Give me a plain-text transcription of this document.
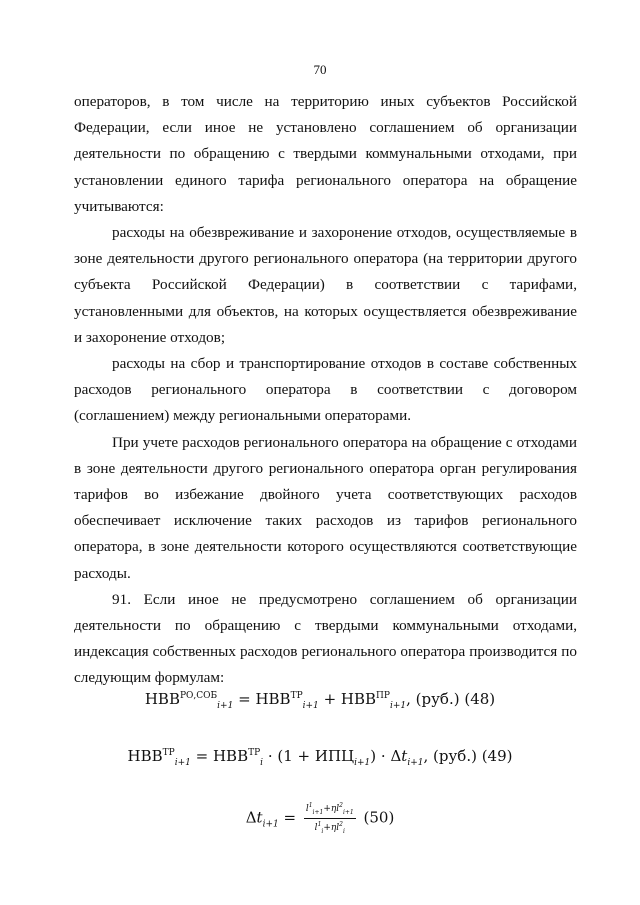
70

операторов, в том числе на территорию иных субъектов Российской Федерации, если иное не установлено соглашением об организации деятельности по обращению с твердыми коммунальными отходами, при установлении единого тарифа регионального оператора на обращение учитываются:

расходы на обезвреживание и захоронение отходов, осуществляемые в зоне деятельности другого регионального оператора (на территории другого субъекта Российской Федерации) в соответствии с тарифами, установленными для объектов, на которых осуществляется обезвреживание и захоронение отходов;

расходы на сбор и транспортирование отходов в составе собственных расходов регионального оператора в соответствии с договором (соглашением) между региональными операторами.

При учете расходов регионального оператора на обращение с отходами в зоне деятельности другого регионального оператора орган регулирования тарифов во избежание двойного учета соответствующих расходов обеспечивает исключение таких расходов из тарифов регионального оператора, в зоне деятельности которого осуществляются соответствующие расходы.

91. Если иное не предусмотрено соглашением об организации деятельности по обращению с твердыми коммунальными отходами, индексация собственных расходов регионального оператора производится по следующим формулам:

$НВВ^{РО,СОБ}_{i+1} = НВВ^{ТР}_{i+1} + НВВ^{ПР}_{i+1}$, (руб.) (48)
$НВВ^{ТР}_{i+1} = НВВ^{ТР}_i \cdot (1 + ИПЦ_{i+1}) \cdot \Delta t_{i+1}$, (руб.) (49)
$\Delta t_{i+1} = \frac{l^1_{i+1}+\eta l^2_{i+1}}{l^1_i+\eta l^2_i} (50)$
